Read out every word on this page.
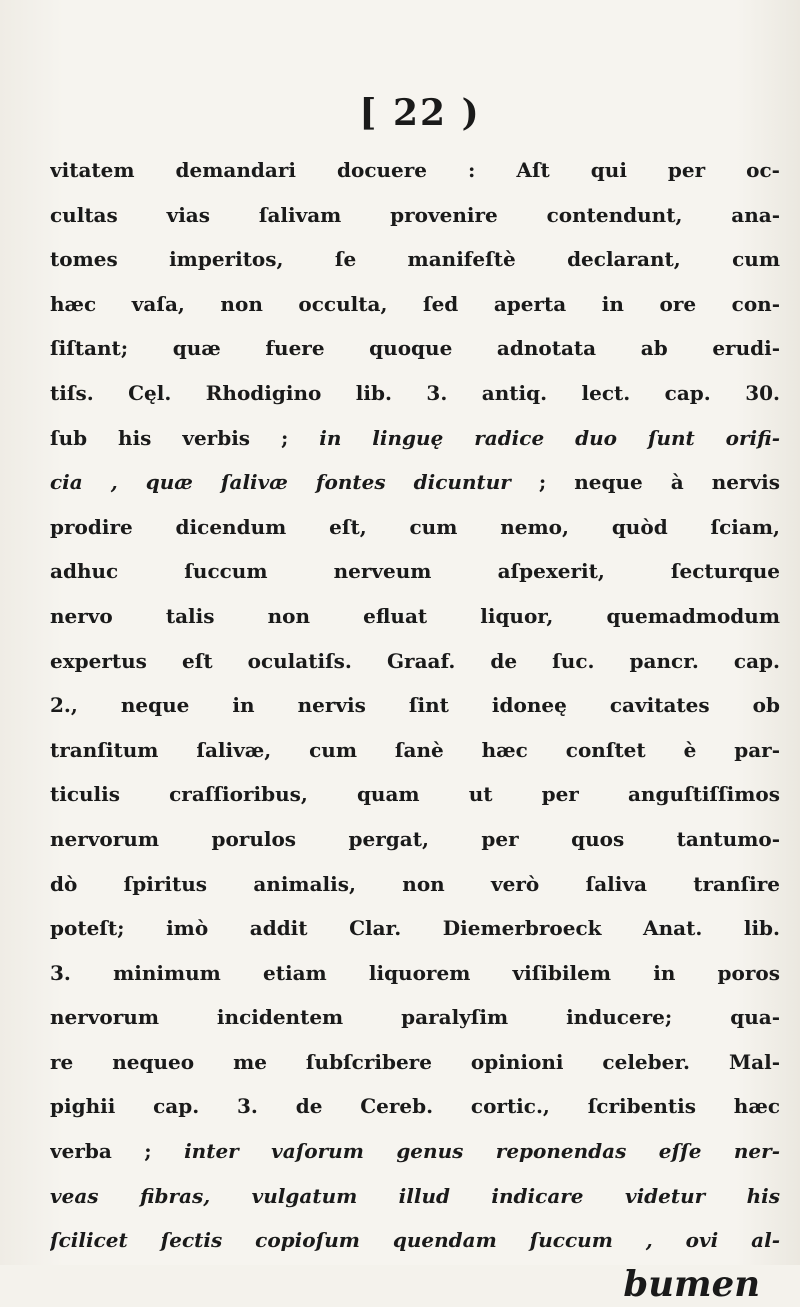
[ 22 )
vitatem demandari docuere : Aſt qui per oc-
cultas vias ſalivam provenire contendunt, ana-
tomes imperitos, ſe manifeſtè declarant, cum
hæc vaſa, non occulta, ſed aperta in ore con-
ſiſtant; quæ fuere quoque adnotata ab erudi-
tiſs. Cęl. Rhodigino lib. 3. antiq. lect. cap. 30.
ſub his verbis ; in linguę radice duo ſunt orifi-
cia , quæ ſalivæ fontes dicuntur ; neque à nervis
prodire dicendum eſt, cum nemo, quòd ſciam,
adhuc ſuccum nerveum aſpexerit, ſecturque
nervo talis non efluat liquor, quemadmodum
expertus eſt oculatiſs. Graaf. de ſuc. pancr. cap.
2., neque in nervis ſint idoneę cavitates ob
tranſitum ſalivæ, cum ſanè hæc conſtet è par-
ticulis craſſioribus, quam ut per anguſtiſſimos
nervorum porulos pergat, per quos tantumo-
dò ſpiritus animalis, non verò ſaliva tranſire
poteſt; imò addit Clar. Diemerbroeck Anat. lib.
3. minimum etiam liquorem viſibilem in poros
nervorum incidentem paralyſim inducere; qua-
re nequeo me ſubſcribere opinioni celeber. Mal-
pighii cap. 3. de Cereb. cortic., ſcribentis hæc
verba ; inter vaſorum genus reponendas eſſe ner-
veas fibras, vulgatum illud indicare videtur his
ſcilicet ſectis copioſum quendam ſuccum , ovi al-
bumen
